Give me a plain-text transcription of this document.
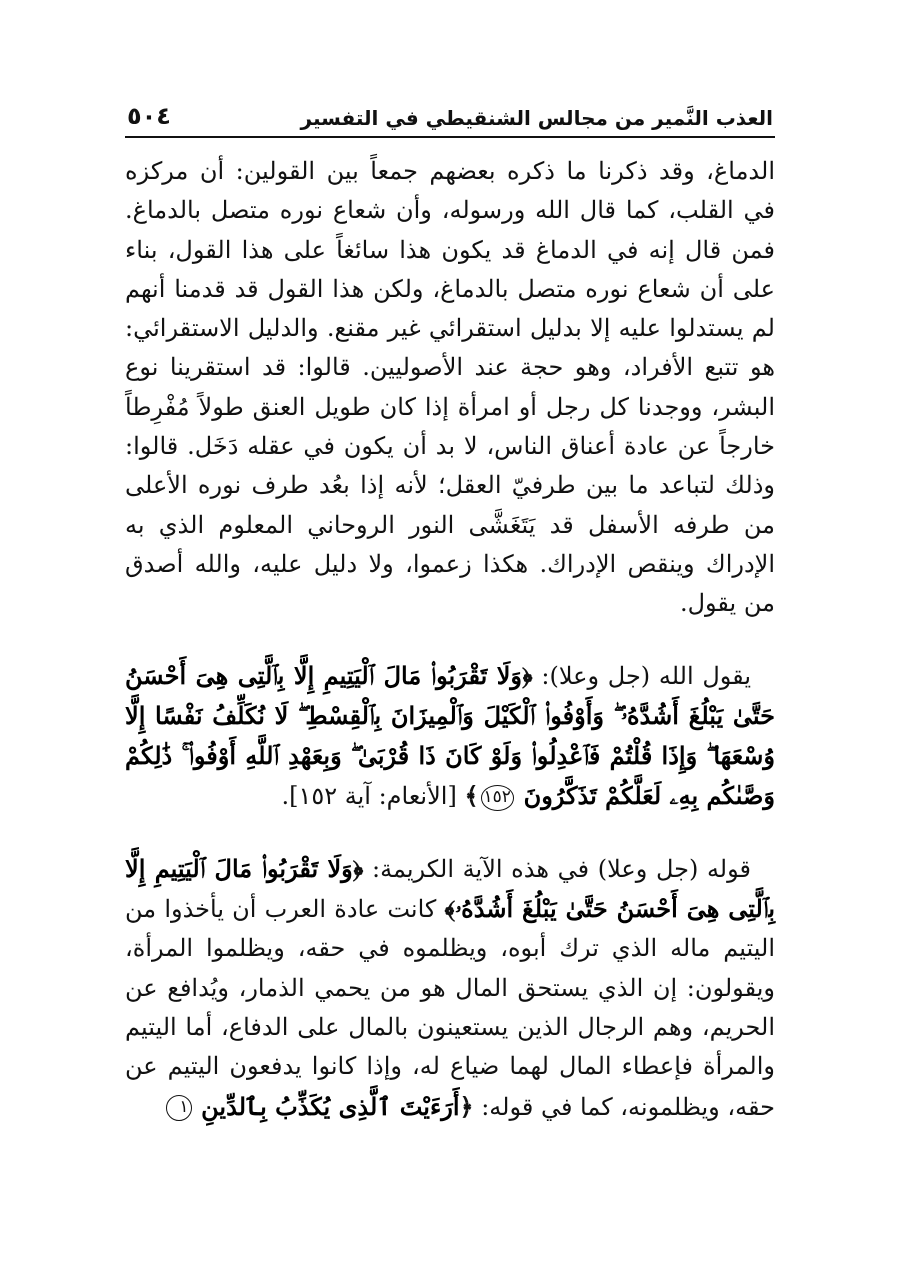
العذب النَّمير من مجالس الشنقيطي في التفسير
٥٠٤

الدماغ، وقد ذكرنا ما ذكره بعضهم جمعاً بين القولين: أن مركزه في القلب، كما قال الله ورسوله، وأن شعاع نوره متصل بالدماغ. فمن قال إنه في الدماغ قد يكون هذا سائغاً على هذا القول، بناء على أن شعاع نوره متصل بالدماغ، ولكن هذا القول قد قدمنا أنهم لم يستدلوا عليه إلا بدليل استقرائي غير مقنع. والدليل الاستقرائي: هو تتبع الأفراد، وهو حجة عند الأصوليين. قالوا: قد استقرينا نوع البشر، ووجدنا كل رجل أو امرأة إذا كان طويل العنق طولاً مُفْرِطاً خارجاً عن عادة أعناق الناس، لا بد أن يكون في عقله دَخَل. قالوا: وذلك لتباعد ما بين طرفيّ العقل؛ لأنه إذا بعُد طرف نوره الأعلى من طرفه الأسفل قد يَتَغَشَّى النور الروحاني المعلوم الذي به الإدراك وينقص الإدراك. هكذا زعموا، ولا دليل عليه، والله أصدق من يقول.

يقول الله (جل وعلا): ﴿وَلَا تَقْرَبُوا۟ مَالَ ٱلْيَتِيمِ إِلَّا بِٱلَّتِى هِىَ أَحْسَنُ حَتَّىٰ يَبْلُغَ أَشُدَّهُۥ ۖ وَأَوْفُوا۟ ٱلْكَيْلَ وَٱلْمِيزَانَ بِٱلْقِسْطِ ۖ لَا نُكَلِّفُ نَفْسًا إِلَّا وُسْعَهَا ۖ وَإِذَا قُلْتُمْ فَٱعْدِلُوا۟ وَلَوْ كَانَ ذَا قُرْبَىٰ ۖ وَبِعَهْدِ ٱللَّهِ أَوْفُوا۟ ۚ ذَٰلِكُمْ وَصَّىٰكُم بِهِۦ لَعَلَّكُمْ تَذَكَّرُونَ ١٥٢﴾ [الأنعام: آية ١٥٢].

قوله (جل وعلا) في هذه الآية الكريمة: ﴿وَلَا تَقْرَبُوا۟ مَالَ ٱلْيَتِيمِ إِلَّا بِٱلَّتِى هِىَ أَحْسَنُ حَتَّىٰ يَبْلُغَ أَشُدَّهُۥ﴾ كانت عادة العرب أن يأخذوا من اليتيم ماله الذي ترك أبوه، ويظلموه في حقه، ويظلموا المرأة، ويقولون: إن الذي يستحق المال هو من يحمي الذمار، ويُدافع عن الحريم، وهم الرجال الذين يستعينون بالمال على الدفاع، أما اليتيم والمرأة فإعطاء المال لهما ضياع له، وإذا كانوا يدفعون اليتيم عن حقه، ويظلمونه، كما في قوله: ﴿أَرَءَيْتَ ٱلَّذِى يُكَذِّبُ بِٱلدِّينِ ١
